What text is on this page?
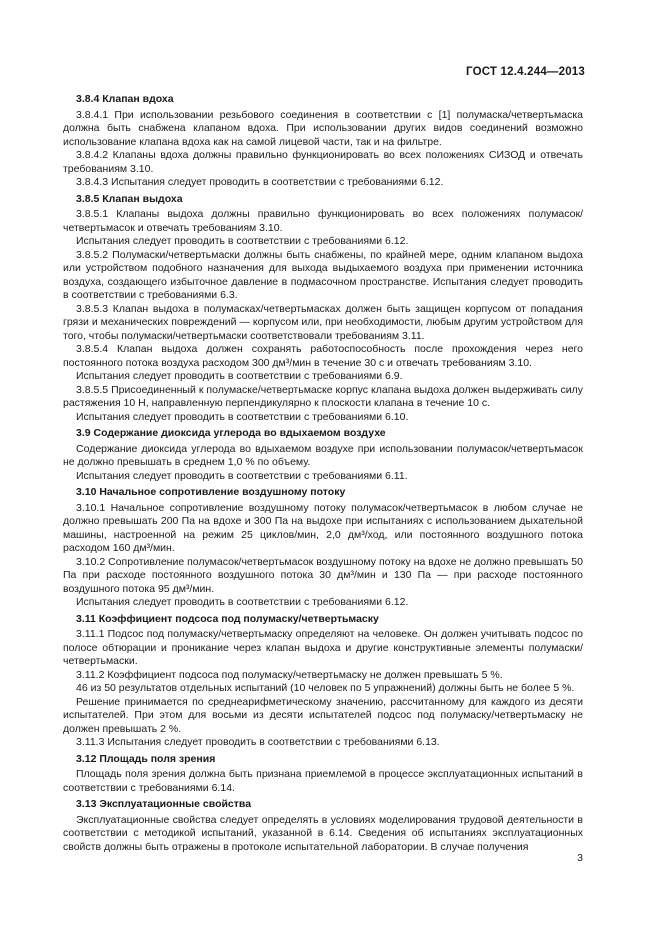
ГОСТ 12.4.244—2013
3.8.4 Клапан вдоха
3.8.4.1 При использовании резьбового соединения в соответствии с [1] полумаска/четвертьмаска должна быть снабжена клапаном вдоха. При использовании других видов соединений возможно использование клапана вдоха как на самой лицевой части, так и на фильтре.
3.8.4.2 Клапаны вдоха должны правильно функционировать во всех положениях СИЗОД и отвечать требованиям 3.10.
3.8.4.3 Испытания следует проводить в соответствии с требованиями 6.12.
3.8.5 Клапан выдоха
3.8.5.1 Клапаны выдоха должны правильно функционировать во всех положениях полумасок/четвертьмасок и отвечать требованиям 3.10.
Испытания следует проводить в соответствии с требованиями 6.12.
3.8.5.2 Полумаски/четвертьмаски должны быть снабжены, по крайней мере, одним клапаном выдоха или устройством подобного назначения для выхода выдыхаемого воздуха при применении источника воздуха, создающего избыточное давление в подмасочном пространстве. Испытания следует проводить в соответствии с требованиями 6.3.
3.8.5.3 Клапан выдоха в полумасках/четвертьмасках должен быть защищен корпусом от попадания грязи и механических повреждений — корпусом или, при необходимости, любым другим устройством для того, чтобы полумаски/четвертьмаски соответствовали требованиям 3.11.
3.8.5.4 Клапан выдоха должен сохранять работоспособность после прохождения через него постоянного потока воздуха расходом 300 дм³/мин в течение 30 с и отвечать требованиям 3.10.
Испытания следует проводить в соответствии с требованиями 6.9.
3.8.5.5 Присоединенный к полумаске/четвертьмаске корпус клапана выдоха должен выдерживать силу растяжения 10 Н, направленную перпендикулярно к плоскости клапана в течение 10 с.
Испытания следует проводить в соответствии с требованиями 6.10.
3.9 Содержание диоксида углерода во вдыхаемом воздухе
Содержание диоксида углерода во вдыхаемом воздухе при использовании полумасок/четвертьмасок не должно превышать в среднем 1,0 % по объему.
Испытания следует проводить в соответствии с требованиями 6.11.
3.10 Начальное сопротивление воздушному потоку
3.10.1 Начальное сопротивление воздушному потоку полумасок/четвертьмасок в любом случае не должно превышать 200 Па на вдохе и 300 Па на выдохе при испытаниях с использованием дыхательной машины, настроенной на режим 25 циклов/мин, 2,0 дм³/ход, или постоянного воздушного потока расходом 160 дм³/мин.
3.10.2 Сопротивление полумасок/четвертьмасок воздушному потоку на вдохе не должно превышать 50 Па при расходе постоянного воздушного потока 30 дм³/мин и 130 Па — при расходе постоянного воздушного потока 95 дм³/мин.
Испытания следует проводить в соответствии с требованиями 6.12.
3.11 Коэффициент подсоса под полумаску/четвертьмаску
3.11.1 Подсос под полумаску/четвертьмаску определяют на человеке. Он должен учитывать подсос по полосе обтюрации и проникание через клапан выдоха и другие конструктивные элементы полумаски/четвертьмаски.
3.11.2 Коэффициент подсоса под полумаску/четвертьмаску не должен превышать 5 %.
46 из 50 результатов отдельных испытаний (10 человек по 5 упражнений) должны быть не более 5 %.
Решение принимается по среднеарифметическому значению, рассчитанному для каждого из десяти испытателей. При этом для восьми из десяти испытателей подсос под полумаску/четвертьмаску не должен превышать 2 %.
3.11.3 Испытания следует проводить в соответствии с требованиями 6.13.
3.12 Площадь поля зрения
Площадь поля зрения должна быть признана приемлемой в процессе эксплуатационных испытаний в соответствии с требованиями 6.14.
3.13 Эксплуатационные свойства
Эксплуатационные свойства следует определять в условиях моделирования трудовой деятельности в соответствии с методикой испытаний, указанной в 6.14. Сведения об испытаниях эксплуатационных свойств должны быть отражены в протоколе испытательной лаборатории. В случае получения
3
